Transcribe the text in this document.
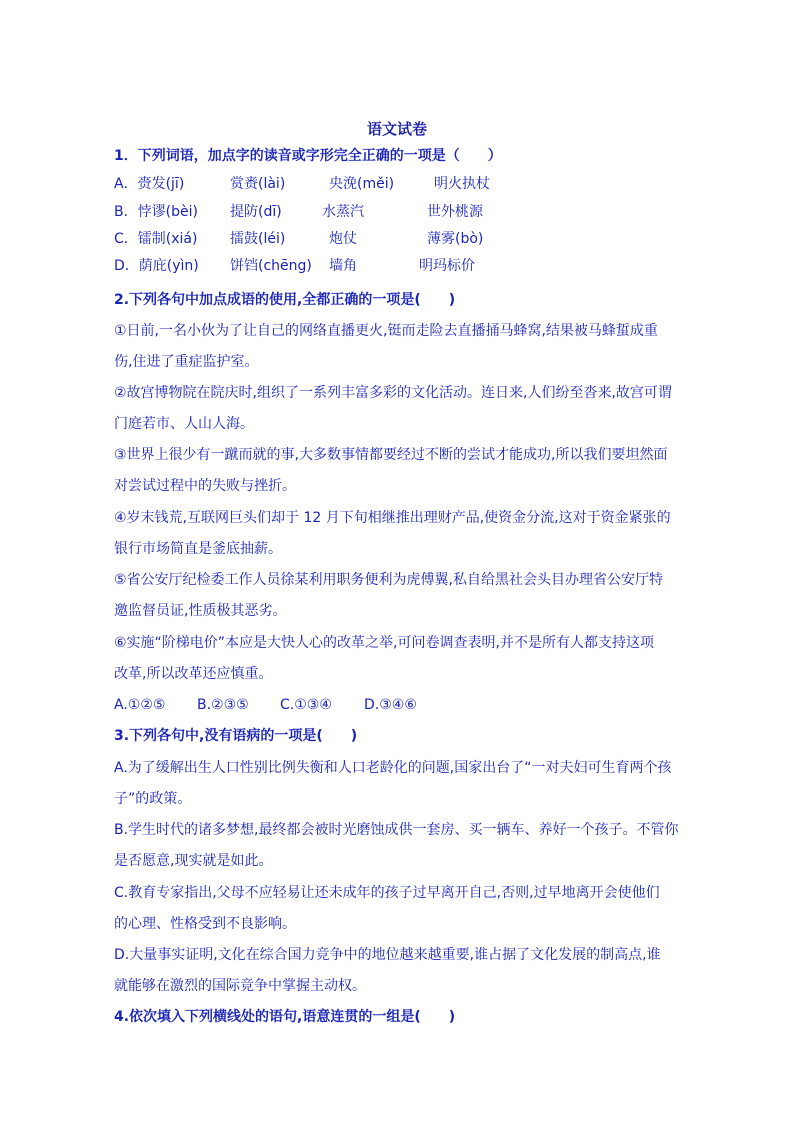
语文试卷
1．下列词语，加点字的读音或字形完全正确的一项是（　　）
A．赍发(jī)	赏赉(lài)	央浼(měi)	明火执杖
B．悖谬(bèi) 提防(dī)	水蒸汽	世外桃源
C．镭制(xiá) 擂鼓(léi)	炮仗	薄雾(bò)
D．荫庇(yìn) 饼铛(chēng) 墙角	明玛标价
2.下列各句中加点成语的使用,全都正确的一项是(　　)
①日前,一名小伙为了让自己的网络直播更火,铤而走险去直播捅马蜂窝,结果被马蜂蜇成重
伤,住进了重症监护室。
②故宫博物院在院庆时,组织了一系列丰富多彩的文化活动。连日来,人们纷至沓来,故宫可谓
门庭若市、人山人海。
③世界上很少有一蹴而就的事,大多数事情都要经过不断的尝试才能成功,所以我们要坦然面
对尝试过程中的失败与挫折。
④岁末钱荒,互联网巨头们却于 12 月下旬相继推出理财产品,使资金分流,这对于资金紧张的
银行市场简直是釜底抽薪。
⑤省公安厅纪检委工作人员徐某利用职务便利为虎傅翼,私自给黑社会头目办理省公安厅特
邀监督员证,性质极其恶劣。
⑥实施“阶梯电价”本应是大快人心的改革之举,可问卷调查表明,并不是所有人都支持这项
改革,所以改革还应慎重。
A.①②⑤ B.②③⑤ C.①③④ D.③④⑥
3.下列各句中,没有语病的一项是(　　)
A.为了缓解出生人口性别比例失衡和人口老龄化的问题,国家出台了“一对夫妇可生育两个孩
子”的政策。
B.学生时代的诸多梦想,最终都会被时光磨蚀成供一套房、买一辆车、养好一个孩子。不管你
是否愿意,现实就是如此。
C.教育专家指出,父母不应轻易让还未成年的孩子过早离开自己,否则,过早地离开会使他们
的心理、性格受到不良影响。
D.大量事实证明,文化在综合国力竞争中的地位越来越重要,谁占据了文化发展的制高点,谁
就能够在激烈的国际竞争中掌握主动权。
4.依次填入下列横线处的语句,语意连贯的一组是(　　)
